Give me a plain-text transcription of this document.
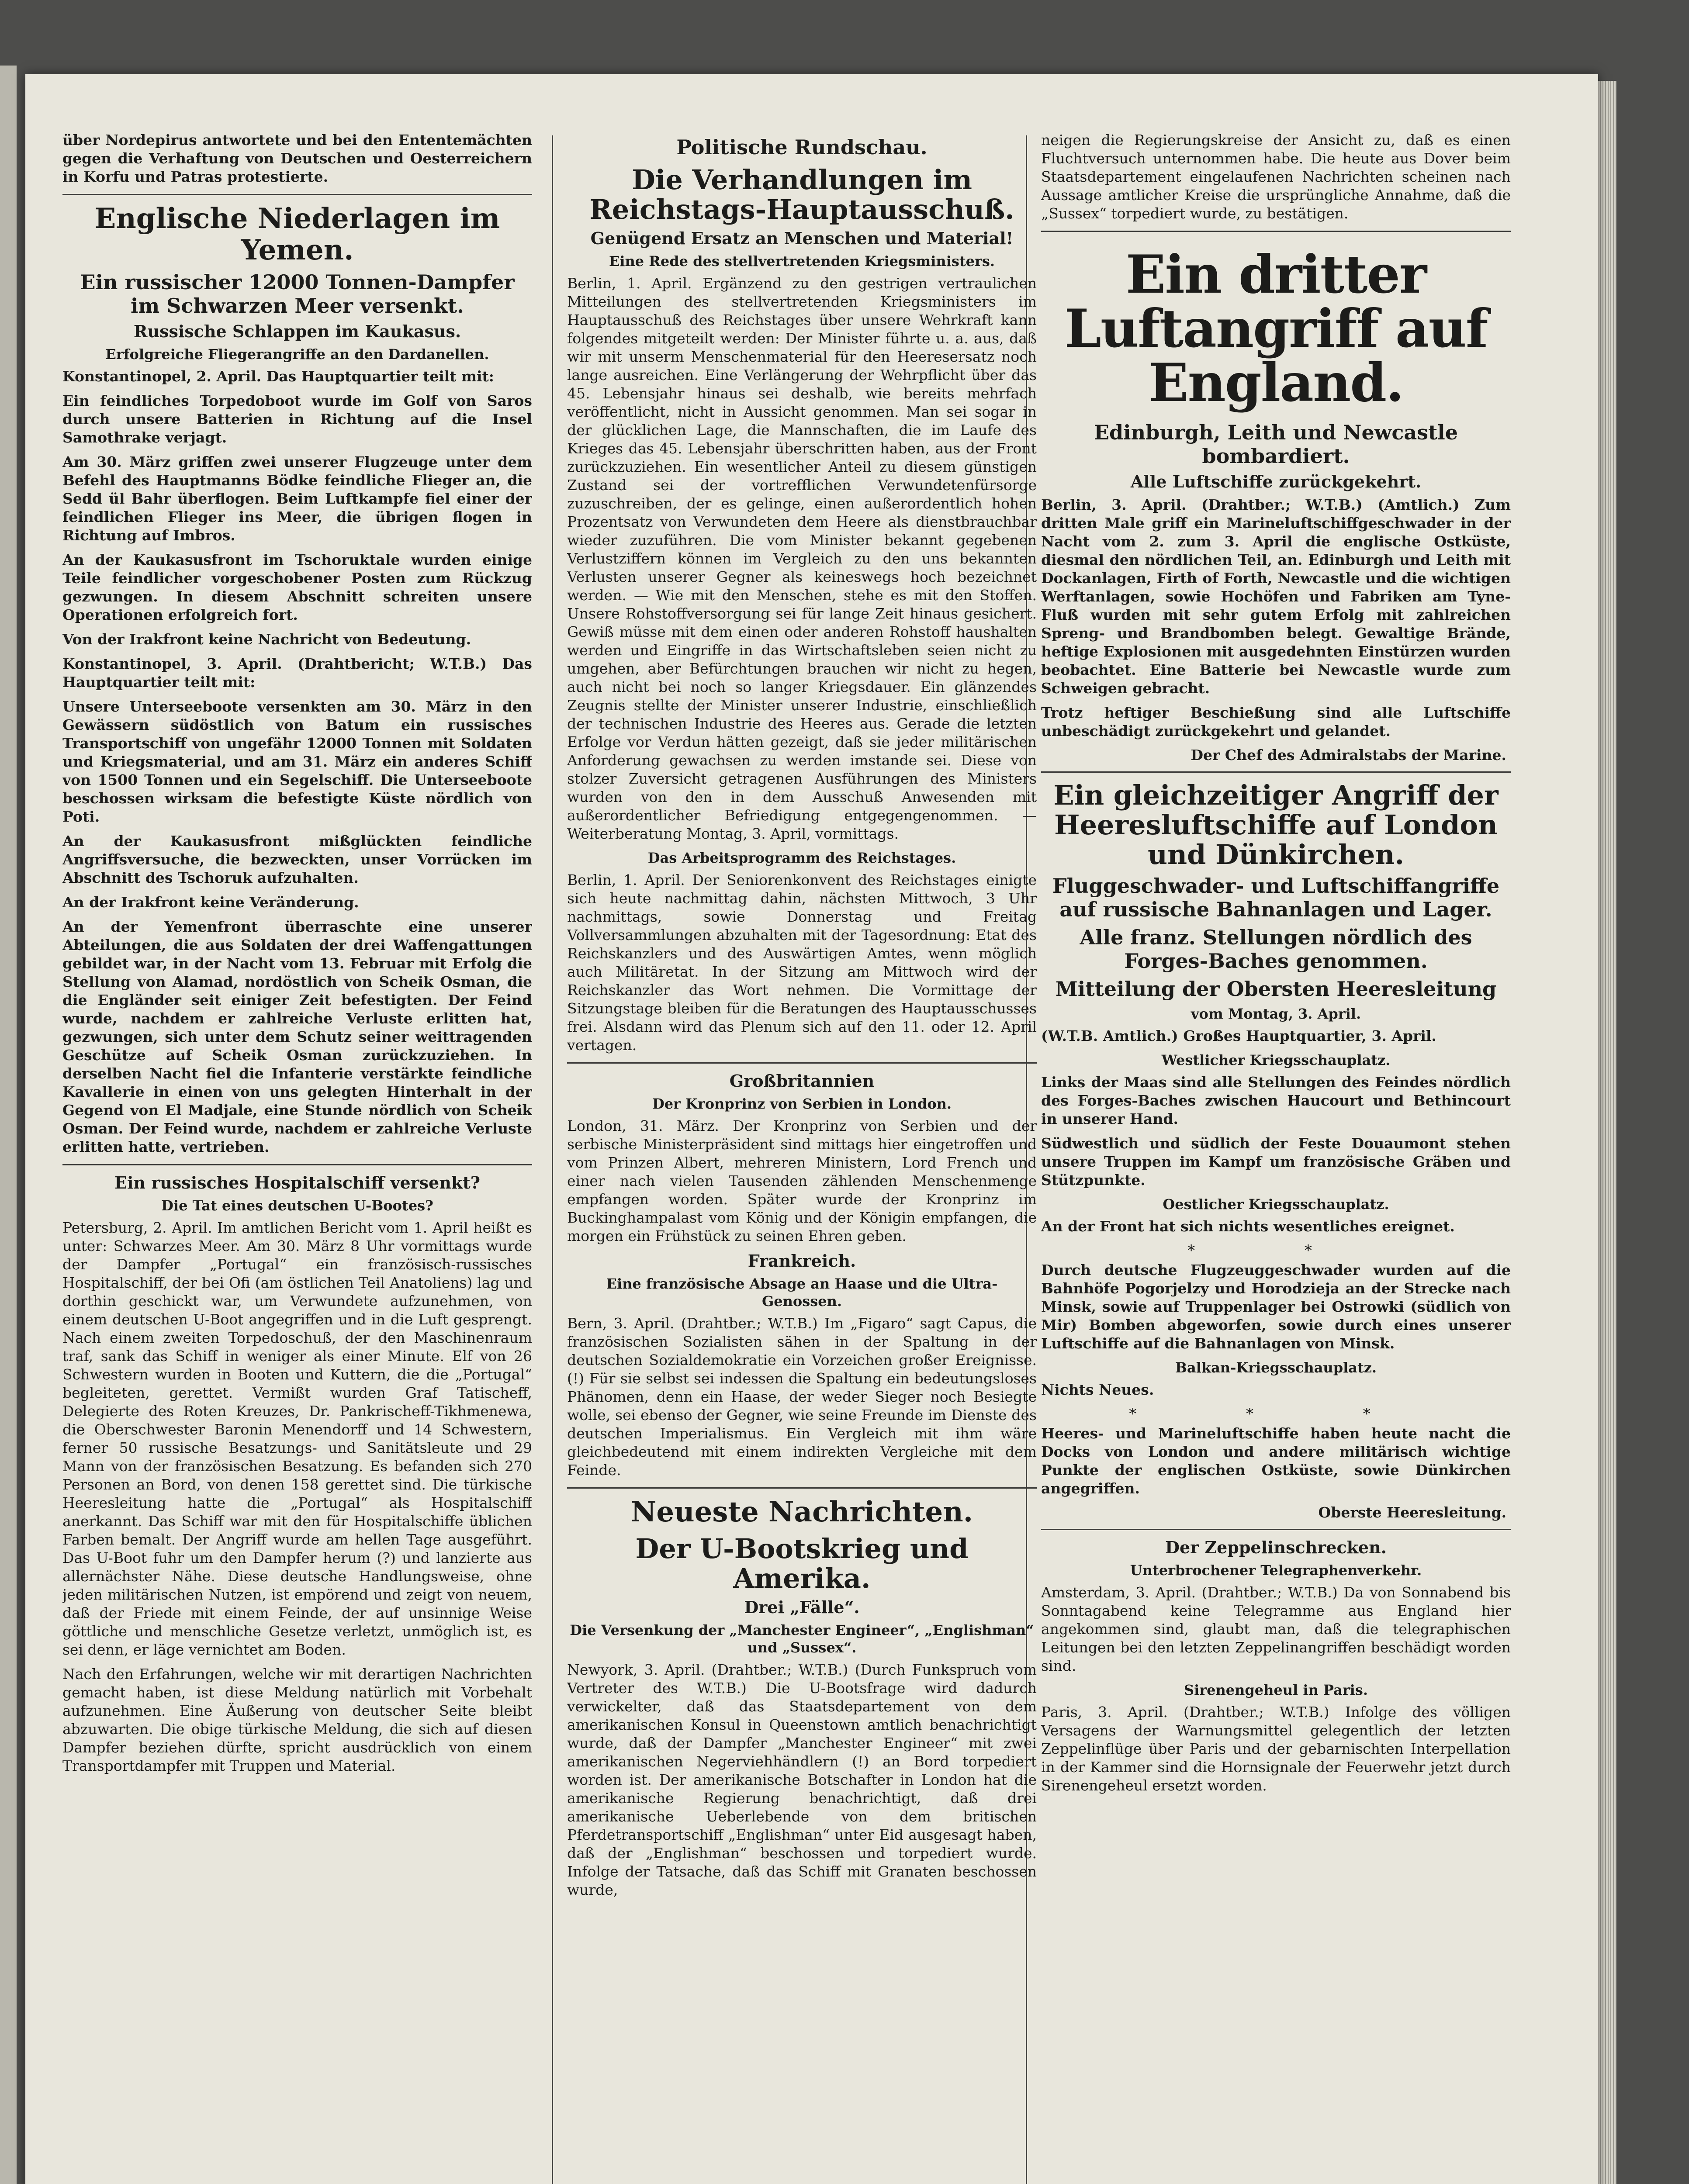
über Nordepirus antwortete und bei den Ententemächten gegen die Verhaftung von Deutschen und Oesterreichern in Korfu und Patras protestierte.

Englische Niederlagen im Yemen.
Ein russischer 12000 Tonnen-Dampfer im Schwarzen Meer versenkt.
Russische Schlappen im Kaukasus.
Erfolgreiche Fliegerangriffe an den Dardanellen.

Konstantinopel, 2. April. Das Hauptquartier teilt mit:

Ein feindliches Torpedoboot wurde im Golf von Saros durch unsere Batterien in Richtung auf die Insel Samothrake verjagt.

Am 30. März griffen zwei unserer Flugzeuge unter dem Befehl des Hauptmanns Bödke feindliche Flieger an, die Sedd ül Bahr überflogen. Beim Luftkampfe fiel einer der feindlichen Flieger ins Meer, die übrigen flogen in Richtung auf Imbros.

An der Kaukasusfront im Tschoruktale wurden einige Teile feindlicher vorgeschobener Posten zum Rückzug gezwungen. In diesem Abschnitt schreiten unsere Operationen erfolgreich fort.

Von der Irakfront keine Nachricht von Bedeutung.

Konstantinopel, 3. April. (Drahtbericht; W.T.B.) Das Hauptquartier teilt mit:

Unsere Unterseeboote versenkten am 30. März in den Gewässern südöstlich von Batum ein russisches Transportschiff von ungefähr 12000 Tonnen mit Soldaten und Kriegsmaterial, und am 31. März ein anderes Schiff von 1500 Tonnen und ein Segelschiff. Die Unterseeboote beschossen wirksam die befestigte Küste nördlich von Poti.

An der Kaukasusfront mißglückten feindliche Angriffsversuche, die bezweckten, unser Vorrücken im Abschnitt des Tschoruk aufzuhalten.

An der Irakfront keine Veränderung.

An der Yemenfront überraschte eine unserer Abteilungen, die aus Soldaten der drei Waffengattungen gebildet war, in der Nacht vom 13. Februar mit Erfolg die Stellung von Alamad, nordöstlich von Scheik Osman, die die Engländer seit einiger Zeit befestigten. Der Feind wurde, nachdem er zahlreiche Verluste erlitten hat, gezwungen, sich unter dem Schutz seiner weittragenden Geschütze auf Scheik Osman zurückzuziehen. In derselben Nacht fiel die Infanterie verstärkte feindliche Kavallerie in einen von uns gelegten Hinterhalt in der Gegend von El Madjale, eine Stunde nördlich von Scheik Osman. Der Feind wurde, nachdem er zahlreiche Verluste erlitten hatte, vertrieben.

Ein russisches Hospitalschiff versenkt?
Die Tat eines deutschen U-Bootes?

Petersburg, 2. April. Im amtlichen Bericht vom 1. April heißt es unter: Schwarzes Meer. Am 30. März 8 Uhr vormittags wurde der Dampfer „Portugal“ ein französisch-russisches Hospitalschiff, der bei Ofi (am östlichen Teil Anatoliens) lag und dorthin geschickt war, um Verwundete aufzunehmen, von einem deutschen U-Boot angegriffen und in die Luft gesprengt. Nach einem zweiten Torpedoschuß, der den Maschinenraum traf, sank das Schiff in weniger als einer Minute. Elf von 26 Schwestern wurden in Booten und Kuttern, die die „Portugal“ begleiteten, gerettet. Vermißt wurden Graf Tatischeff, Delegierte des Roten Kreuzes, Dr. Pankrischeff-Tikhmenewa, die Oberschwester Baronin Menendorff und 14 Schwestern, ferner 50 russische Besatzungs- und Sanitätsleute und 29 Mann von der französischen Besatzung. Es befanden sich 270 Personen an Bord, von denen 158 gerettet sind. Die türkische Heeresleitung hatte die „Portugal“ als Hospitalschiff anerkannt. Das Schiff war mit den für Hospitalschiffe üblichen Farben bemalt. Der Angriff wurde am hellen Tage ausgeführt. Das U-Boot fuhr um den Dampfer herum (?) und lanzierte aus allernächster Nähe. Diese deutsche Handlungsweise, ohne jeden militärischen Nutzen, ist empörend und zeigt von neuem, daß der Friede mit einem Feinde, der auf unsinnige Weise göttliche und menschliche Gesetze verletzt, unmöglich ist, es sei denn, er läge vernichtet am Boden.

Nach den Erfahrungen, welche wir mit derartigen Nachrichten gemacht haben, ist diese Meldung natürlich mit Vorbehalt aufzunehmen. Eine Äußerung von deutscher Seite bleibt abzuwarten. Die obige türkische Meldung, die sich auf diesen Dampfer beziehen dürfte, spricht ausdrücklich von einem Transportdampfer mit Truppen und Material.

Politische Rundschau.
Die Verhandlungen im Reichstags-Hauptausschuß.
Genügend Ersatz an Menschen und Material!
Eine Rede des stellvertretenden Kriegsministers.

Berlin, 1. April. Ergänzend zu den gestrigen vertraulichen Mitteilungen des stellvertretenden Kriegsministers im Hauptausschuß des Reichstages über unsere Wehrkraft kann folgendes mitgeteilt werden: Der Minister führte u. a. aus, daß wir mit unserm Menschenmaterial für den Heeresersatz noch lange ausreichen. Eine Verlängerung der Wehrpflicht über das 45. Lebensjahr hinaus sei deshalb, wie bereits mehrfach veröffentlicht, nicht in Aussicht genommen. Man sei sogar in der glücklichen Lage, die Mannschaften, die im Laufe des Krieges das 45. Lebensjahr überschritten haben, aus der Front zurückzuziehen. Ein wesentlicher Anteil zu diesem günstigen Zustand sei der vortrefflichen Verwundetenfürsorge zuzuschreiben, der es gelinge, einen außerordentlich hohen Prozentsatz von Verwundeten dem Heere als dienstbrauchbar wieder zuzuführen. Die vom Minister bekannt gegebenen Verlustziffern können im Vergleich zu den uns bekannten Verlusten unserer Gegner als keineswegs hoch bezeichnet werden. — Wie mit den Menschen, stehe es mit den Stoffen. Unsere Rohstoffversorgung sei für lange Zeit hinaus gesichert. Gewiß müsse mit dem einen oder anderen Rohstoff haushalten werden und Eingriffe in das Wirtschaftsleben seien nicht zu umgehen, aber Befürchtungen brauchen wir nicht zu hegen, auch nicht bei noch so langer Kriegsdauer. Ein glänzendes Zeugnis stellte der Minister unserer Industrie, einschließlich der technischen Industrie des Heeres aus. Gerade die letzten Erfolge vor Verdun hätten gezeigt, daß sie jeder militärischen Anforderung gewachsen zu werden imstande sei. Diese von stolzer Zuversicht getragenen Ausführungen des Ministers wurden von den in dem Ausschuß Anwesenden mit außerordentlicher Befriedigung entgegengenommen. — Weiterberatung Montag, 3. April, vormittags.

Das Arbeitsprogramm des Reichstages.

Berlin, 1. April. Der Seniorenkonvent des Reichstages einigte sich heute nachmittag dahin, nächsten Mittwoch, 3 Uhr nachmittags, sowie Donnerstag und Freitag Vollversammlungen abzuhalten mit der Tagesordnung: Etat des Reichskanzlers und des Auswärtigen Amtes, wenn möglich auch Militäretat. In der Sitzung am Mittwoch wird der Reichskanzler das Wort nehmen. Die Vormittage der Sitzungstage bleiben für die Beratungen des Hauptausschusses frei. Alsdann wird das Plenum sich auf den 11. oder 12. April vertagen.

Großbritannien
Der Kronprinz von Serbien in London.

London, 31. März. Der Kronprinz von Serbien und der serbische Ministerpräsident sind mittags hier eingetroffen und vom Prinzen Albert, mehreren Ministern, Lord French und einer nach vielen Tausenden zählenden Menschenmenge empfangen worden. Später wurde der Kronprinz im Buckinghampalast vom König und der Königin empfangen, die morgen ein Frühstück zu seinen Ehren geben.

Frankreich.
Eine französische Absage an Haase und die Ultra-Genossen.

Bern, 3. April. (Drahtber.; W.T.B.) Im „Figaro“ sagt Capus, die französischen Sozialisten sähen in der Spaltung in der deutschen Sozialdemokratie ein Vorzeichen großer Ereignisse. (!) Für sie selbst sei indessen die Spaltung ein bedeutungsloses Phänomen, denn ein Haase, der weder Sieger noch Besiegte wolle, sei ebenso der Gegner, wie seine Freunde im Dienste des deutschen Imperialismus. Ein Vergleich mit ihm wäre gleichbedeutend mit einem indirekten Vergleiche mit dem Feinde.

Neueste Nachrichten.
Der U-Bootskrieg und Amerika.
Drei „Fälle“.
Die Versenkung der „Manchester Engineer“, „Englishman“ und „Sussex“.

Newyork, 3. April. (Drahtber.; W.T.B.) (Durch Funkspruch vom Vertreter des W.T.B.) Die U-Bootsfrage wird dadurch verwickelter, daß das Staatsdepartement von dem amerikanischen Konsul in Queenstown amtlich benachrichtigt wurde, daß der Dampfer „Manchester Engineer“ mit zwei amerikanischen Negerviehhändlern (!) an Bord torpediert worden ist. Der amerikanische Botschafter in London hat die amerikanische Regierung benachrichtigt, daß drei amerikanische Ueberlebende von dem britischen Pferdetransportschiff „Englishman“ unter Eid ausgesagt haben, daß der „Englishman“ beschossen und torpediert wurde. Infolge der Tatsache, daß das Schiff mit Granaten beschossen wurde,

neigen die Regierungskreise der Ansicht zu, daß es einen Fluchtversuch unternommen habe. Die heute aus Dover beim Staatsdepartement eingelaufenen Nachrichten scheinen nach Aussage amtlicher Kreise die ursprüngliche Annahme, daß die „Sussex“ torpediert wurde, zu bestätigen.

Ein dritter Luftangriff auf England.
Edinburgh, Leith und Newcastle bombardiert.
Alle Luftschiffe zurückgekehrt.

Berlin, 3. April. (Drahtber.; W.T.B.) (Amtlich.) Zum dritten Male griff ein Marineluftschiffgeschwader in der Nacht vom 2. zum 3. April die englische Ostküste, diesmal den nördlichen Teil, an. Edinburgh und Leith mit Dockanlagen, Firth of Forth, Newcastle und die wichtigen Werftanlagen, sowie Hochöfen und Fabriken am Tyne-Fluß wurden mit sehr gutem Erfolg mit zahlreichen Spreng- und Brandbomben belegt. Gewaltige Brände, heftige Explosionen mit ausgedehnten Einstürzen wurden beobachtet. Eine Batterie bei Newcastle wurde zum Schweigen gebracht.

Trotz heftiger Beschießung sind alle Luftschiffe unbeschädigt zurückgekehrt und gelandet.

Der Chef des Admiralstabs der Marine.
Ein gleichzeitiger Angriff der Heeresluftschiffe auf London und Dünkirchen.
Fluggeschwader- und Luftschiffangriffe auf russische Bahnanlagen und Lager.
Alle franz. Stellungen nördlich des Forges-Baches genommen.
Mitteilung der Obersten Heeresleitung
vom Montag, 3. April.

(W.T.B. Amtlich.) Großes Hauptquartier, 3. April.

Westlicher Kriegsschauplatz.

Links der Maas sind alle Stellungen des Feindes nördlich des Forges-Baches zwischen Haucourt und Bethincourt in unserer Hand.

Südwestlich und südlich der Feste Douaumont stehen unsere Truppen im Kampf um französische Gräben und Stützpunkte.

Oestlicher Kriegsschauplatz.

An der Front hat sich nichts wesentliches ereignet.

* *

Durch deutsche Flugzeuggeschwader wurden auf die Bahnhöfe Pogorjelzy und Horodzieja an der Strecke nach Minsk, sowie auf Truppenlager bei Ostrowki (südlich von Mir) Bomben abgeworfen, sowie durch eines unserer Luftschiffe auf die Bahnanlagen von Minsk.

Balkan-Kriegsschauplatz.

Nichts Neues.

* * *

Heeres- und Marineluftschiffe haben heute nacht die Docks von London und andere militärisch wichtige Punkte der englischen Ostküste, sowie Dünkirchen angegriffen.

Oberste Heeresleitung.
Der Zeppelinschrecken.
Unterbrochener Telegraphenverkehr.

Amsterdam, 3. April. (Drahtber.; W.T.B.) Da von Sonnabend bis Sonntagabend keine Telegramme aus England hier angekommen sind, glaubt man, daß die telegraphischen Leitungen bei den letzten Zeppelinangriffen beschädigt worden sind.

Sirenengeheul in Paris.

Paris, 3. April. (Drahtber.; W.T.B.) Infolge des völligen Versagens der Warnungsmittel gelegentlich der letzten Zeppelinflüge über Paris und der gebarnischten Interpellation in der Kammer sind die Hornsignale der Feuerwehr jetzt durch Sirenengeheul ersetzt worden.
